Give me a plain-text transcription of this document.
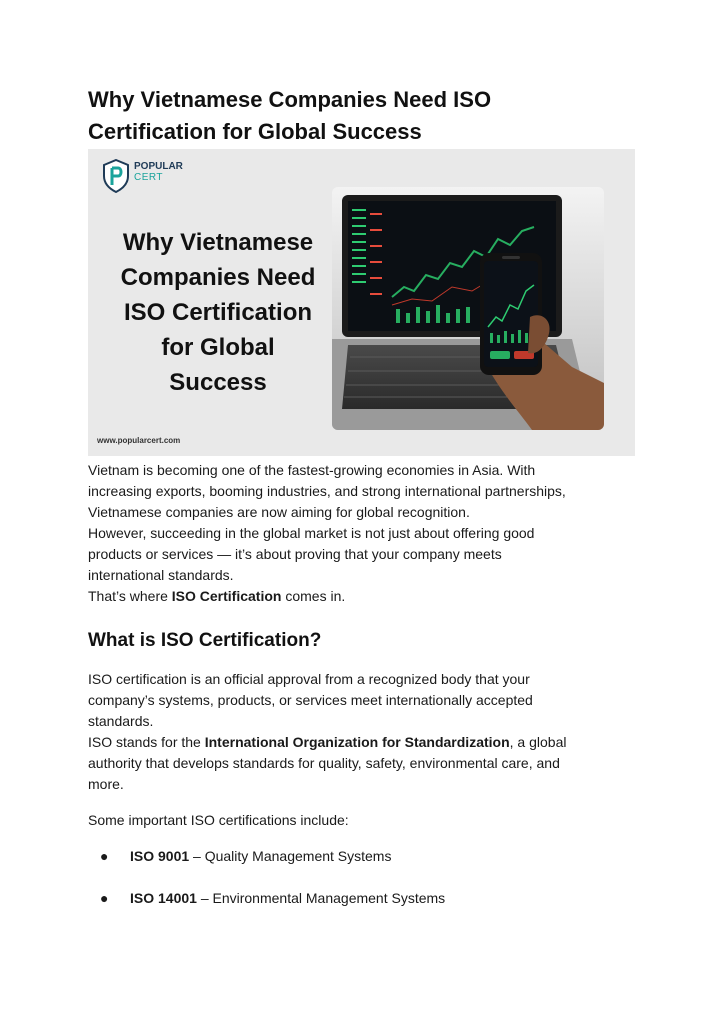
Why Vietnamese Companies Need ISO
Certification for Global Success
POPULAR
CERT
Why Vietnamese
Companies Need
ISO Certification
for Global
Success
www.popularcert.com

Vietnam is becoming one of the fastest-growing economies in Asia. With
increasing exports, booming industries, and strong international partnerships,
Vietnamese companies are now aiming for global recognition.
However, succeeding in the global market is not just about offering good
products or services — it’s about proving that your company meets
international standards.

That’s where ISO Certification comes in.

What is ISO Certification?

ISO certification is an official approval from a recognized body that your
company’s systems, products, or services meet internationally accepted
standards.
ISO stands for the International Organization for Standardization, a global
authority that develops standards for quality, safety, environmental care, and
more.

Some important ISO certifications include:

● ISO 9001 – Quality Management Systems
● ISO 14001 – Environmental Management Systems
